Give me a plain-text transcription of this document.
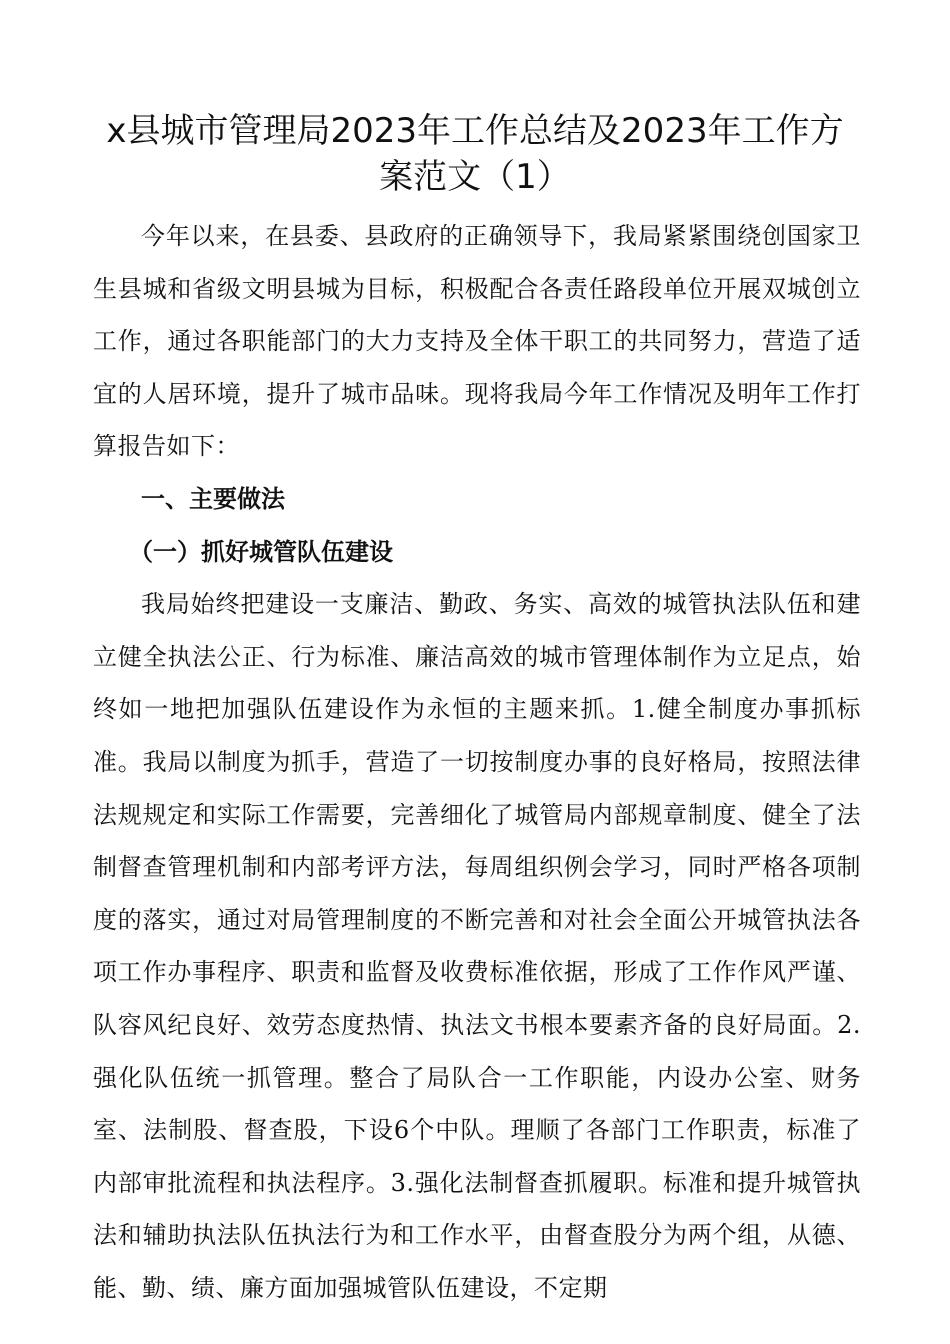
x县城市管理局2023年工作总结及2023年工作方案范文（1）

今年以来，在县委、县政府的正确领导下，我局紧紧围绕创国家卫生县城和省级文明县城为目标，积极配合各责任路段单位开展双城创立工作，通过各职能部门的大力支持及全体干职工的共同努力，营造了适宜的人居环境，提升了城市品味。现将我局今年工作情况及明年工作打算报告如下：

一、主要做法

（一）抓好城管队伍建设

我局始终把建设一支廉洁、勤政、务实、高效的城管执法队伍和建立健全执法公正、行为标准、廉洁高效的城市管理体制作为立足点，始终如一地把加强队伍建设作为永恒的主题来抓。1.健全制度办事抓标准。我局以制度为抓手，营造了一切按制度办事的良好格局，按照法律法规规定和实际工作需要，完善细化了城管局内部规章制度、健全了法制督查管理机制和内部考评方法，每周组织例会学习，同时严格各项制度的落实，通过对局管理制度的不断完善和对社会全面公开城管执法各项工作办事程序、职责和监督及收费标准依据，形成了工作作风严谨、队容风纪良好、效劳态度热情、执法文书根本要素齐备的良好局面。2.强化队伍统一抓管理。整合了局队合一工作职能，内设办公室、财务室、法制股、督查股，下设6个中队。理顺了各部门工作职责，标准了内部审批流程和执法程序。3.强化法制督查抓履职。标准和提升城管执法和辅助执法队伍执法行为和工作水平，由督查股分为两个组，从德、能、勤、绩、廉方面加强城管队伍建设，不定期
